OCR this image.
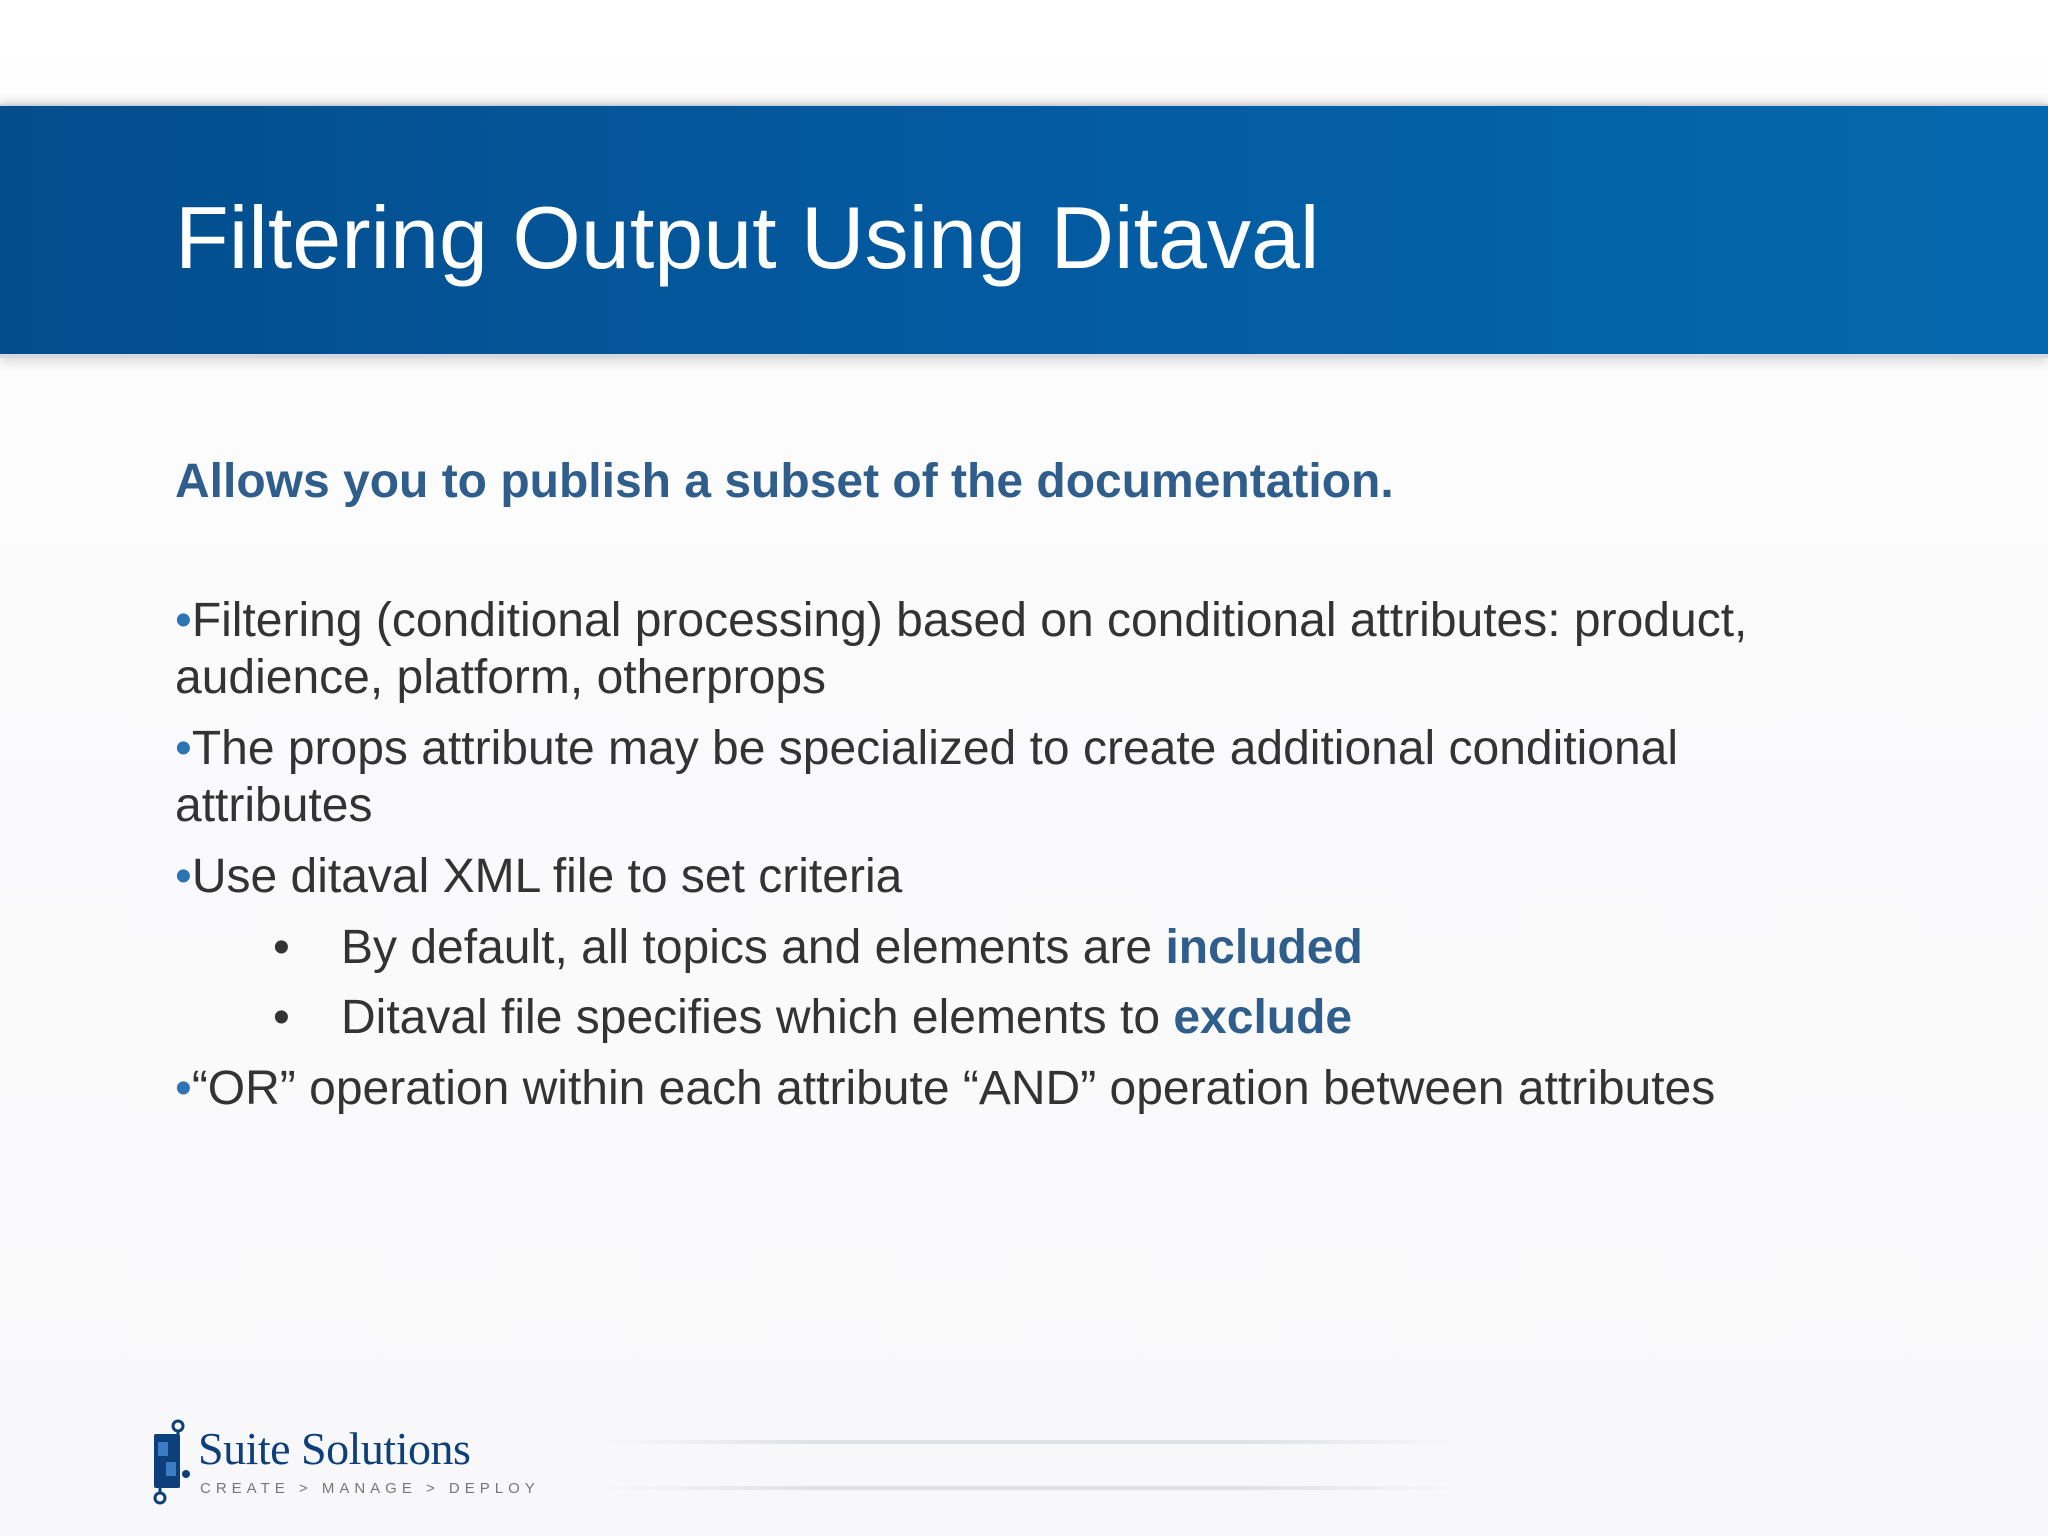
Filtering Output Using Ditaval
Allows you to publish a subset of the documentation.
•Filtering (conditional processing) based on conditional attributes: product, audience, platform, otherprops
•The props attribute may be specialized to create additional conditional attributes
•Use ditaval XML file to set criteria
• By default, all topics and elements are included
• Ditaval file specifies which elements to exclude
•“OR” operation within each attribute “AND” operation between attributes
Suite Solutions
CREATE > MANAGE > DEPLOY
